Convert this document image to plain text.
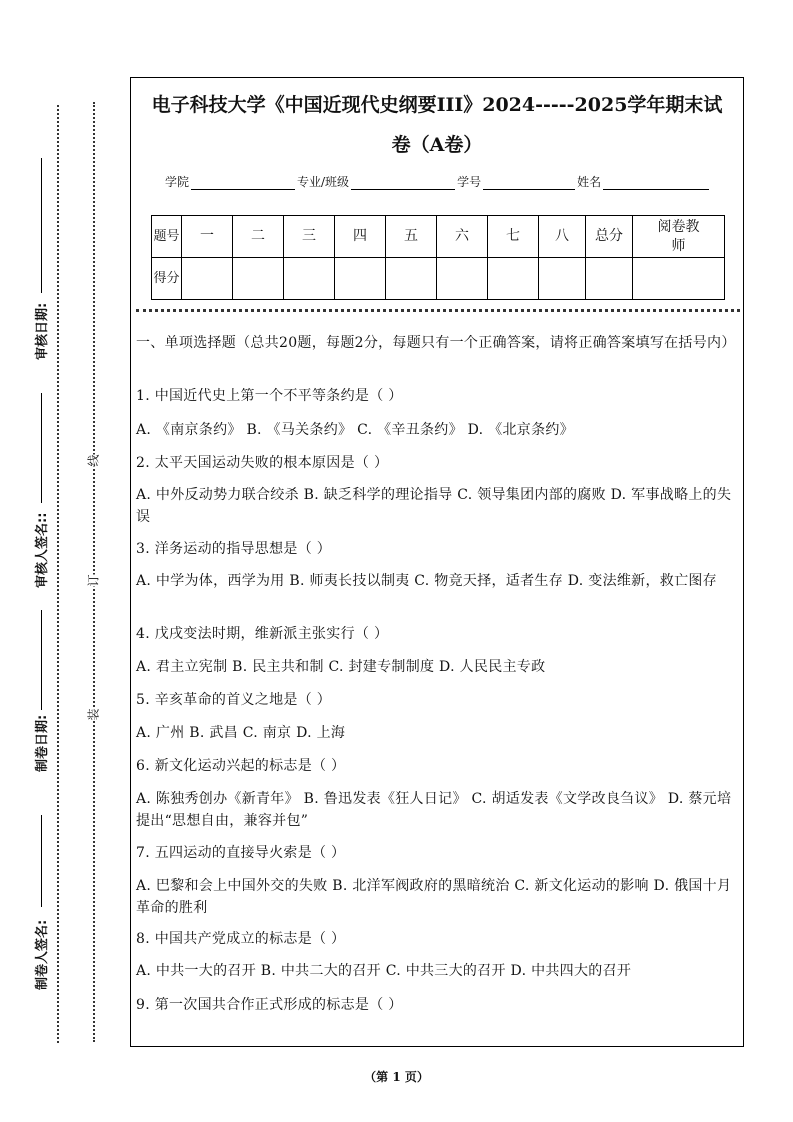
审核日期:
审核人签名::
制卷日期:
制卷人签名:
线
订
装
电子科技大学《中国近现代史纲要III》2024-----2025学年期末试
卷（A卷）
学院	专业/班级	学号	姓名
题号	一	二	三	四	五	六	七	八	总分	阅卷教师
得分										
一、单项选择题（总共20题，每题2分，每题只有一个正确答案，请将正确答案填写在括号内）
1. 中国近代史上第一个不平等条约是（ ）
A. 《南京条约》 B. 《马关条约》 C. 《辛丑条约》 D. 《北京条约》
2. 太平天国运动失败的根本原因是（ ）
A. 中外反动势力联合绞杀 B. 缺乏科学的理论指导 C. 领导集团内部的腐败 D. 军事战略上的失误
3. 洋务运动的指导思想是（ ）
A. 中学为体，西学为用 B. 师夷长技以制夷 C. 物竞天择，适者生存 D. 变法维新，救亡图存
4. 戊戌变法时期，维新派主张实行（ ）
A. 君主立宪制 B. 民主共和制 C. 封建专制制度 D. 人民民主专政
5. 辛亥革命的首义之地是（ ）
A. 广州 B. 武昌 C. 南京 D. 上海
6. 新文化运动兴起的标志是（ ）
A. 陈独秀创办《新青年》 B. 鲁迅发表《狂人日记》 C. 胡适发表《文学改良刍议》 D. 蔡元培提出“思想自由，兼容并包”
7. 五四运动的直接导火索是（ ）
A. 巴黎和会上中国外交的失败 B. 北洋军阀政府的黑暗统治 C. 新文化运动的影响 D. 俄国十月革命的胜利
8. 中国共产党成立的标志是（ ）
A. 中共一大的召开 B. 中共二大的召开 C. 中共三大的召开 D. 中共四大的召开
9. 第一次国共合作正式形成的标志是（ ）
（第 1 页）
